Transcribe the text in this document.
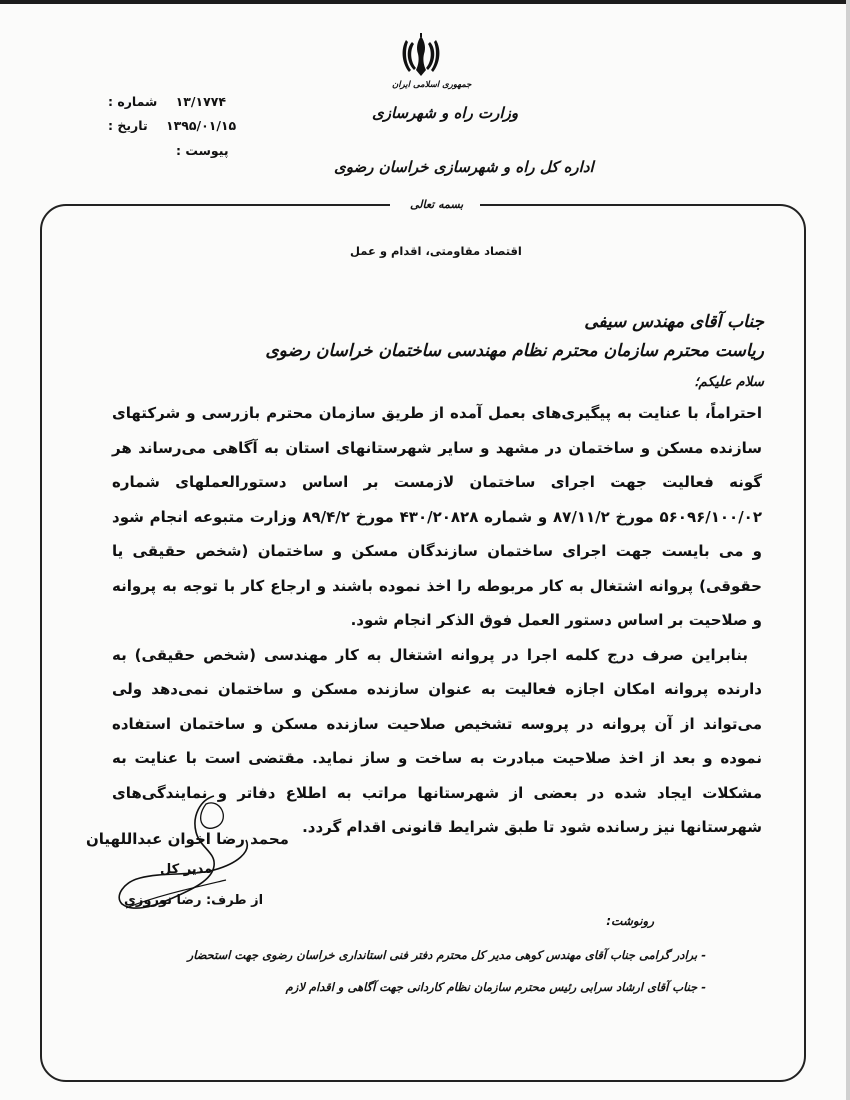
جمهوری اسلامی ایران
وزارت راه و شهرسازی
اداره کل راه و شهرسازی خراسان رضوی
۱۳/۱۷۷۴ شماره :
۱۳۹۵/۰۱/۱۵ تاریخ :
پیوست :
بسمه تعالی
اقتصاد مقاومتی، اقدام و عمل
جناب آقای مهندس سیفی
ریاست محترم سازمان محترم نظام مهندسی ساختمان خراسان رضوی
سلام علیکم؛

احتراماً، با عنایت به پیگیری‌های بعمل آمده از طریق سازمان محترم بازرسی و شرکتهای سازنده مسکن و ساختمان در مشهد و سایر شهرستانهای استان به آگاهی می‌رساند هر گونه فعالیت جهت اجرای ساختمان لازمست بر اساس دستورالعملهای شماره ۵۶۰۹۶/۱۰۰/۰۲ مورخ ۸۷/۱۱/۲ و شماره ۴۳۰/۲۰۸۲۸ مورخ ۸۹/۴/۲ وزارت متبوعه انجام شود و می بایست جهت اجرای ساختمان سازندگان مسکن و ساختمان (شخص حقیقی یا حقوقی) پروانه اشتغال به کار مربوطه را اخذ نموده باشند و ارجاع کار با توجه به پروانه و صلاحیت بر اساس دستور العمل فوق الذکر انجام شود.

بنابراین صرف درج کلمه اجرا در پروانه اشتغال به کار مهندسی (شخص حقیقی) به دارنده پروانه امکان اجازه فعالیت به عنوان سازنده مسکن و ساختمان نمی‌دهد ولی می‌تواند از آن پروانه در پروسه تشخیص صلاحیت سازنده مسکن و ساختمان استفاده نموده و بعد از اخذ صلاحیت مبادرت به ساخت و ساز نماید. مقتضی است با عنایت به مشکلات ایجاد شده در بعضی از شهرستانها مراتب به اطلاع دفاتر و نمایندگی‌های شهرستانها نیز رسانده شود تا طبق شرایط قانونی اقدام گردد.

محمد رضا اخوان عبداللهیان
مدیر کل
از طرف: رضا نوروزی
رونوشت:
- برادر گرامی جناب آقای مهندس کوهی مدیر کل محترم دفتر فنی استانداری خراسان رضوی جهت استحضار
- جناب آقای ارشاد سرابی رئیس محترم سازمان نظام کاردانی جهت آگاهی و اقدام لازم
